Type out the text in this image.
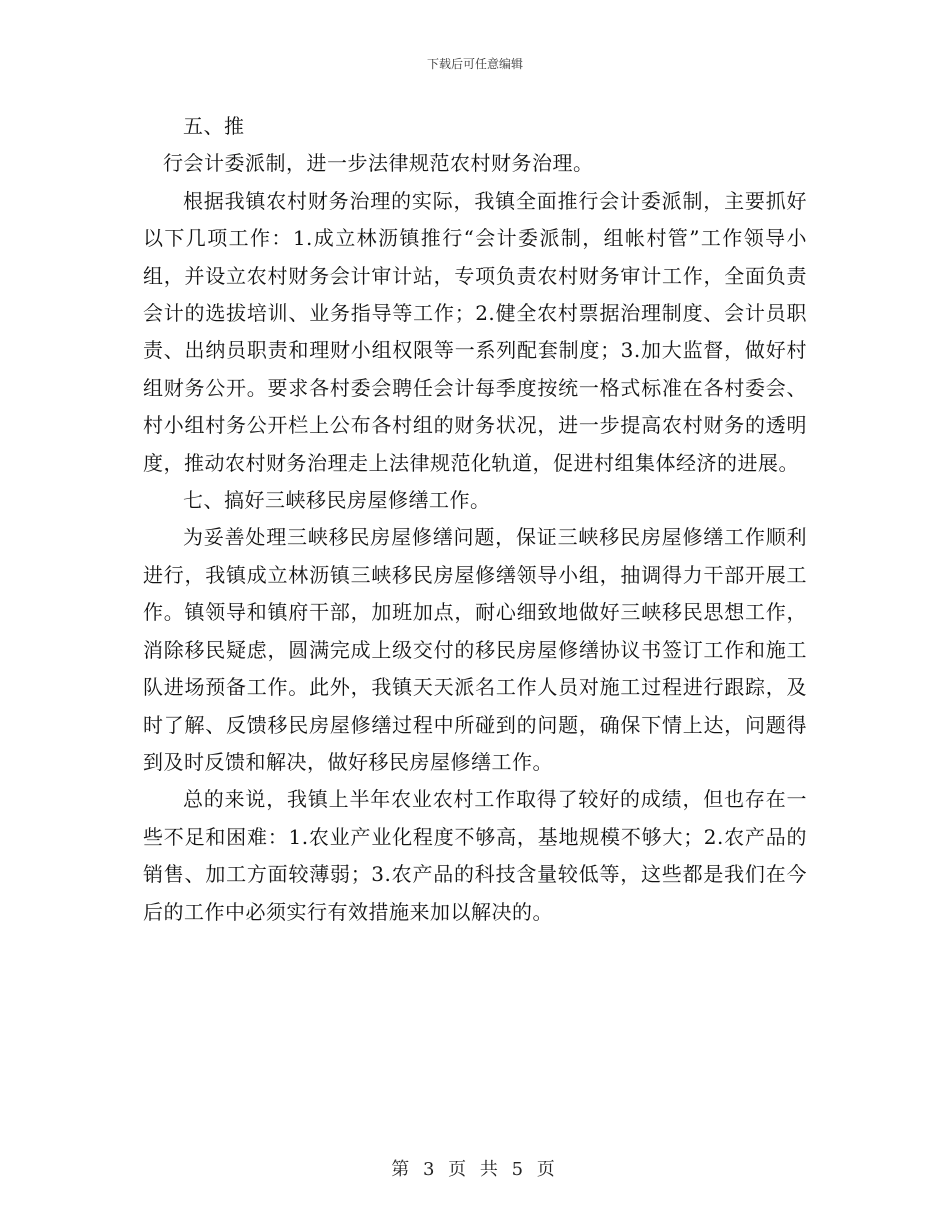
下载后可任意编辑

五、推

行会计委派制，进一步法律规范农村财务治理。

根据我镇农村财务治理的实际，我镇全面推行会计委派制，主要抓好以下几项工作：1.成立林沥镇推行“会计委派制，组帐村管”工作领导小组，并设立农村财务会计审计站，专项负责农村财务审计工作，全面负责会计的选拔培训、业务指导等工作；2.健全农村票据治理制度、会计员职责、出纳员职责和理财小组权限等一系列配套制度；3.加大监督，做好村组财务公开。要求各村委会聘任会计每季度按统一格式标准在各村委会、村小组村务公开栏上公布各村组的财务状况，进一步提高农村财务的透明度，推动农村财务治理走上法律规范化轨道，促进村组集体经济的进展。

七、搞好三峡移民房屋修缮工作。

为妥善处理三峡移民房屋修缮问题，保证三峡移民房屋修缮工作顺利进行，我镇成立林沥镇三峡移民房屋修缮领导小组，抽调得力干部开展工作。镇领导和镇府干部，加班加点，耐心细致地做好三峡移民思想工作，消除移民疑虑，圆满完成上级交付的移民房屋修缮协议书签订工作和施工队进场预备工作。此外，我镇天天派名工作人员对施工过程进行跟踪，及时了解、反馈移民房屋修缮过程中所碰到的问题，确保下情上达，问题得到及时反馈和解决，做好移民房屋修缮工作。

总的来说，我镇上半年农业农村工作取得了较好的成绩，但也存在一些不足和困难：1.农业产业化程度不够高，基地规模不够大；2.农产品的销售、加工方面较薄弱；3.农产品的科技含量较低等，这些都是我们在今后的工作中必须实行有效措施来加以解决的。

第 3 页 共 5 页
